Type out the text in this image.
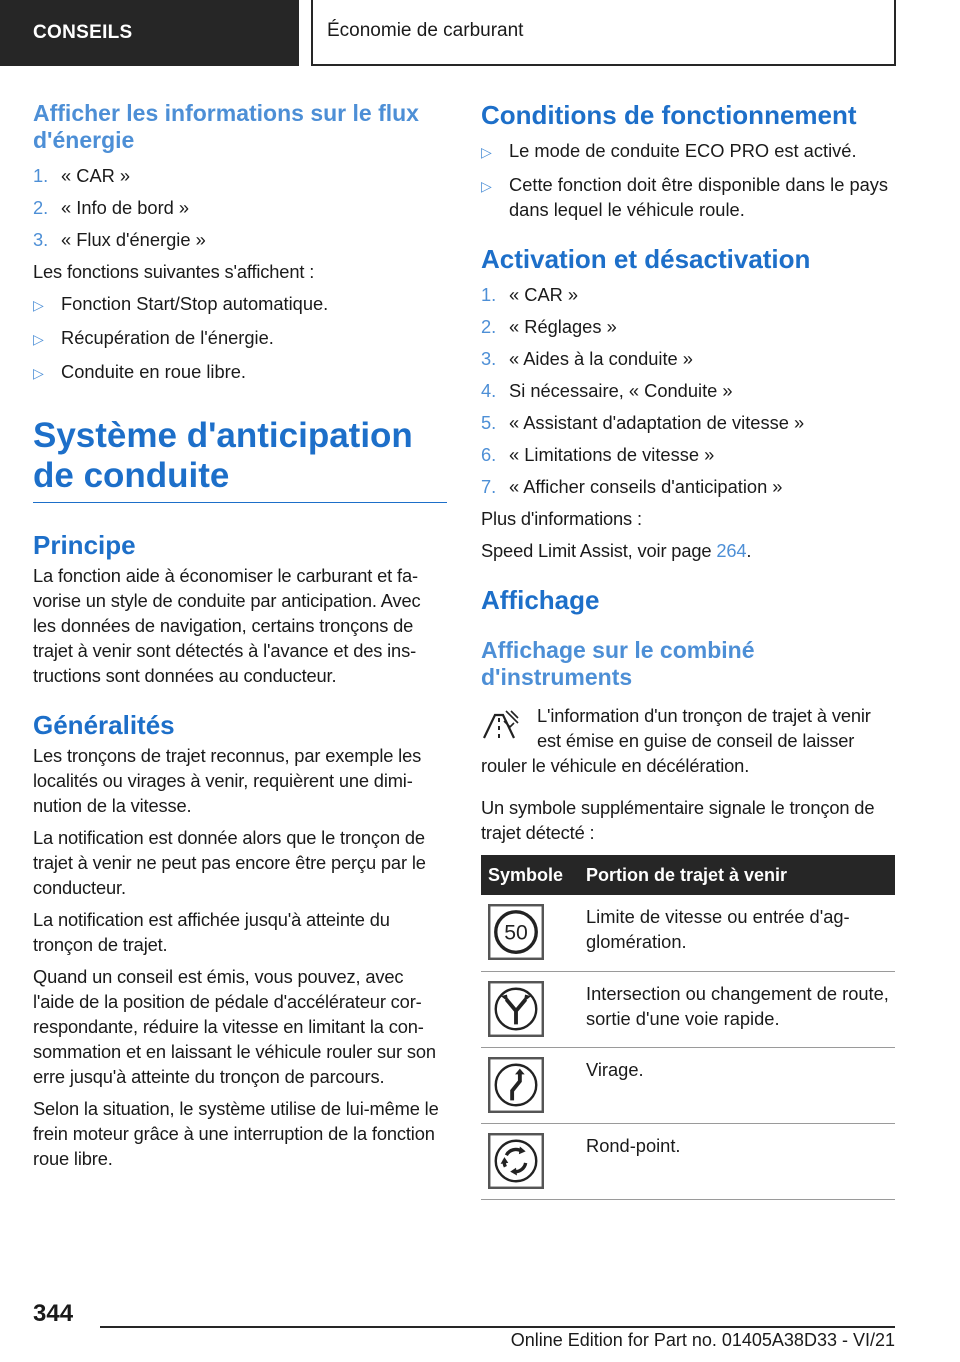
CONSEILS	Économie de carburant
Afficher les informations sur le flux d'énergie
1. « CAR »
2. « Info de bord »
3. « Flux d'énergie »

Les fonctions suivantes s'affichent :

▷ Fonction Start/Stop automatique.
▷ Récupération de l'énergie.
▷ Conduite en roue libre.
Système d'anticipation de conduite
Principe

La fonction aide à économiser le carburant et fa-vorise un style de conduite par anticipation. Avec les données de navigation, certains tronçons de trajet à venir sont détectés à l'avance et des ins-tructions sont données au conducteur.

Généralités

Les tronçons de trajet reconnus, par exemple les localités ou virages à venir, requièrent une dimi-nution de la vitesse.

La notification est donnée alors que le tronçon de trajet à venir ne peut pas encore être perçu par le conducteur.

La notification est affichée jusqu'à atteinte du tronçon de trajet.

Quand un conseil est émis, vous pouvez, avec l'aide de la position de pédale d'accélérateur cor-respondante, réduire la vitesse en limitant la con-sommation et en laissant le véhicule rouler sur son erre jusqu'à atteinte du tronçon de parcours.

Selon la situation, le système utilise de lui-même le frein moteur grâce à une interruption de la fonction roue libre.

Conditions de fonctionnement
▷ Le mode de conduite ECO PRO est activé.
▷ Cette fonction doit être disponible dans le pays dans lequel le véhicule roule.
Activation et désactivation
1. « CAR »
2. « Réglages »
3. « Aides à la conduite »
4. Si nécessaire, « Conduite »
5. « Assistant d'adaptation de vitesse »
6. « Limitations de vitesse »
7. « Afficher conseils d'anticipation »

Plus d'informations :

Speed Limit Assist, voir page 264.

Affichage
Affichage sur le combiné d'instruments

L'information d'un tronçon de trajet à venir est émise en guise de conseil de laisser rouler le véhicule en décélération.

Un symbole supplémentaire signale le tronçon de trajet détecté :

Symbole	Portion de trajet à venir

50	Limite de vitesse ou entrée d'ag-glomération.

	Intersection ou changement de route, sortie d'une voie rapide.

	Virage.

	Rond-point.
344
Online Edition for Part no. 01405A38D33 - VI/21
